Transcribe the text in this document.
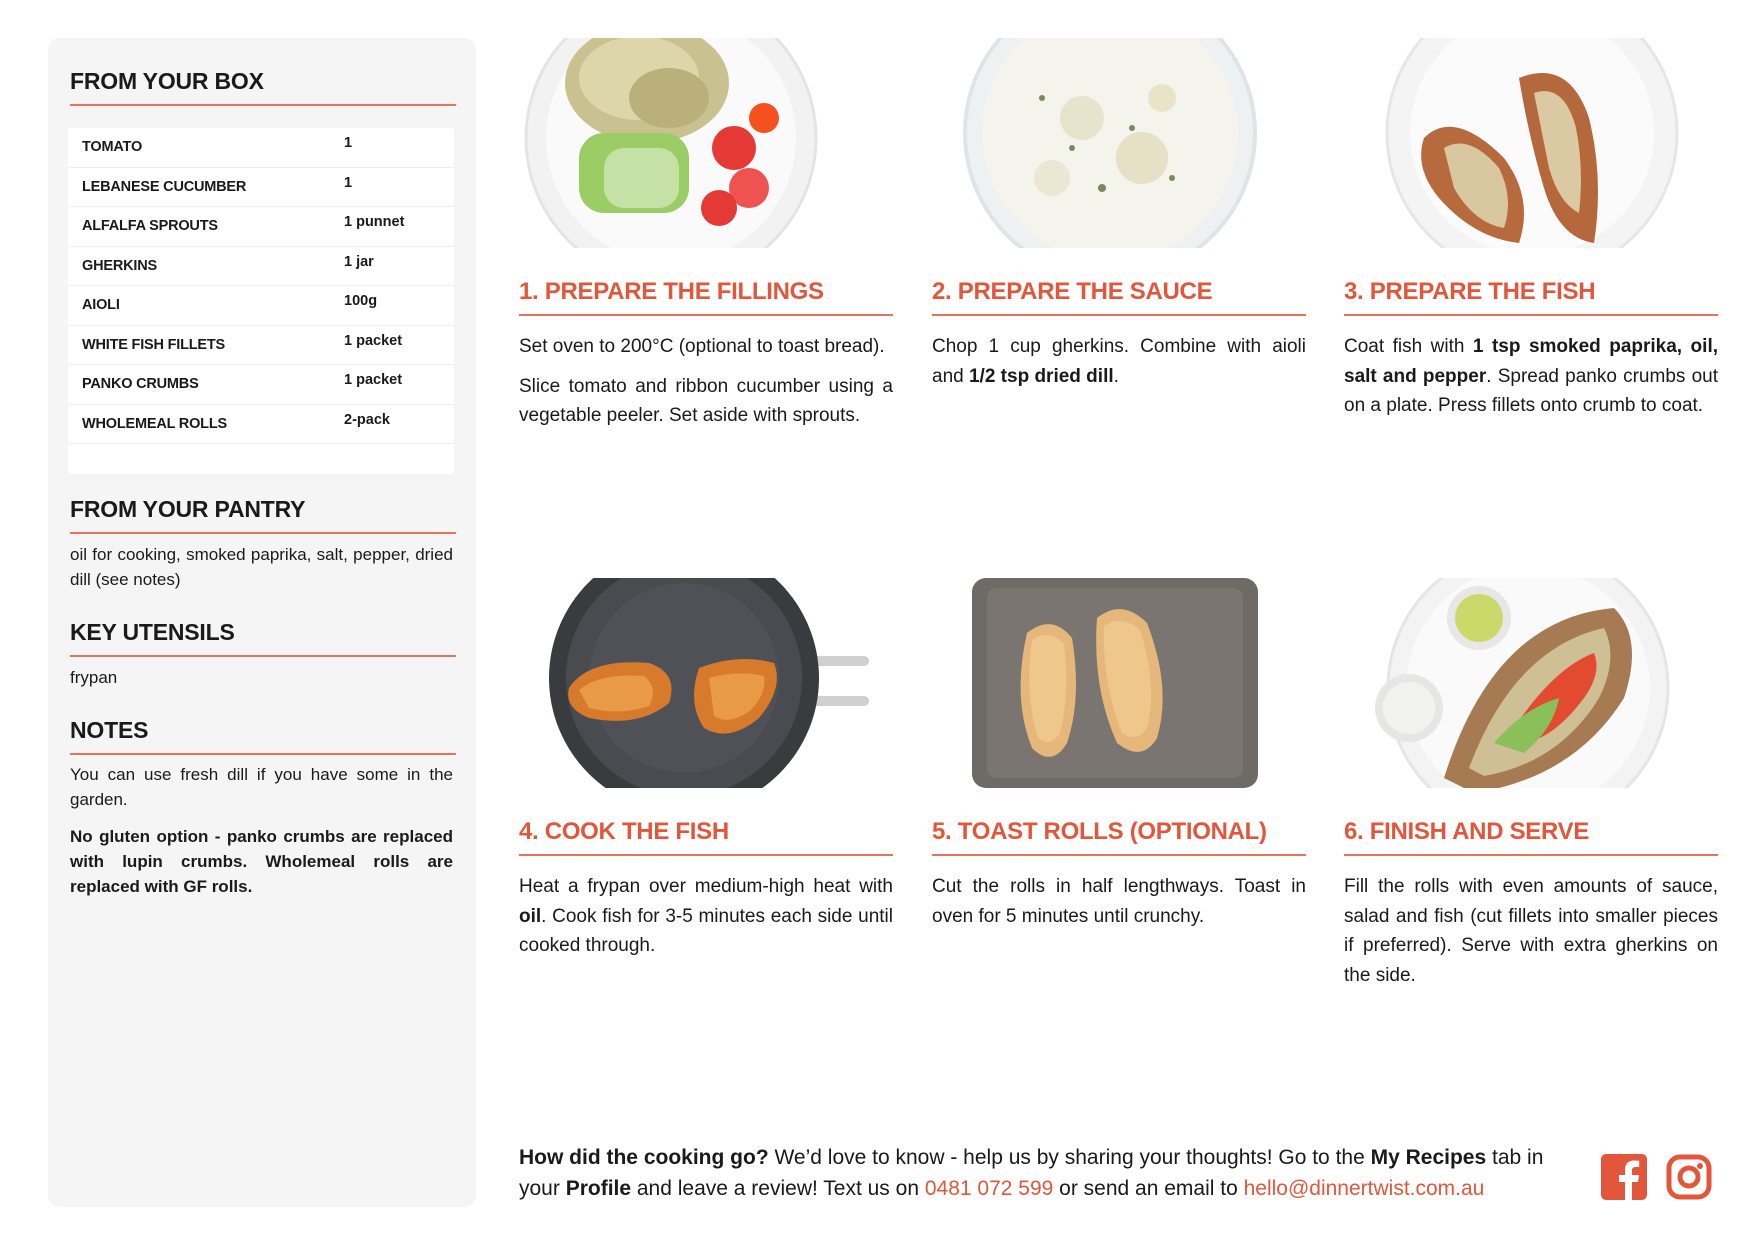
FROM YOUR BOX
TOMATO	1
LEBANESE CUCUMBER	1
ALFALFA SPROUTS	1 punnet
GHERKINS	1 jar
AIOLI	100g
WHITE FISH FILLETS	1 packet
PANKO CRUMBS	1 packet
WHOLEMEAL ROLLS	2-pack
FROM YOUR PANTRY
oil for cooking, smoked paprika, salt, pepper, dried dill (see notes)
KEY UTENSILS
frypan
NOTES
You can use fresh dill if you have some in the garden.
No gluten option - panko crumbs are replaced with lupin crumbs. Wholemeal rolls are replaced with GF rolls.
1. PREPARE THE FILLINGS

Set oven to 200°C (optional to toast bread).

Slice tomato and ribbon cucumber using a vegetable peeler. Set aside with sprouts.

2. PREPARE THE SAUCE

Chop 1 cup gherkins. Combine with aioli and 1/2 tsp dried dill.

3. PREPARE THE FISH

Coat fish with 1 tsp smoked paprika, oil, salt and pepper. Spread panko crumbs out on a plate. Press fillets onto crumb to coat.

4. COOK THE FISH

Heat a frypan over medium-high heat with oil. Cook fish for 3-5 minutes each side until cooked through.

5. TOAST ROLLS (OPTIONAL)

Cut the rolls in half lengthways. Toast in oven for 5 minutes until crunchy.

6. FINISH AND SERVE

Fill the rolls with even amounts of sauce, salad and fish (cut fillets into smaller pieces if preferred). Serve with extra gherkins on the side.

How did the cooking go? We’d love to know - help us by sharing your thoughts! Go to the My Recipes tab in your Profile and leave a review! Text us on 0481 072 599 or send an email to hello@dinnertwist.com.au
